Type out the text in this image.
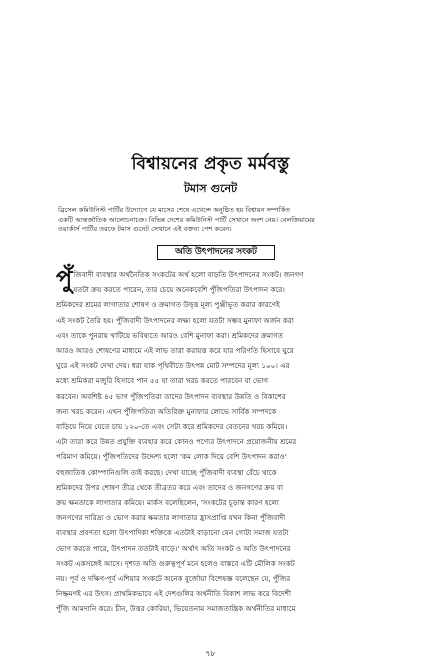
বিশ্বায়নের প্রকৃত মর্মবস্তু
টমাস গুনেট
ব্রিসেল কমিউনিস্ট পার্টির উদ্যোগে যে মাসের শেষে এথেন্সে অনুষ্ঠিত হয় বিশ্বায়ন সম্পর্কিত
একটি আন্তর্জাতিক আলোচনাচক্র। বিভিন্ন দেশের কমিউনিস্ট পার্টি সেখানে অংশ নেয়। বেলজিয়ামের
ওয়ার্কার্স পার্টির তরফে টমাস গুনেট সেখানে এই বক্তব্য পেশ করেন।
অতি উৎপাদনের সংকট
পুঁ জিবাদী ব্যবস্থার অর্থনৈতিক সংকটের অর্থ হলো বাড়তি উৎপাদনের সংকট। জনগণ
যতটা ক্রয় করতে পারেন, তার চেয়ে অনেকবেশি পুঁজিপতিরা উৎপাদন করে।
শ্রমিকদের শ্রমের লাগাতার শোষণ ও ক্রমাগত উদ্বৃত্ত মূল্য পুঞ্জীভূত করার কারণেই
এই সংকট তৈরি হয়। পুঁজিবাদী উৎপাদনের লক্ষ্য হলো যতটা সম্ভব মুনাফা অর্জন করা
এবং তাকে পুনরায় খাটিয়ে ভবিষ্যতে আরও বেশি মুনাফা করা। শ্রমিকদের ক্রমাগত
আরও আরও শোষণের মাধ্যমে এই লাভ তারা করায়ত্ত করে যার পরিণতি হিসাবে ঘুরে
ঘুরে এই সংকট দেখা দেয়। ধরা যাক পৃথিবীতে উৎপন্ন মোট সম্পদের মূল্য ১০০। এর
মধ্যে শ্রমিকরা মজুরি হিসাবে পান ৫৫ যা তারা খরচ করতে পারবেন বা ভোগ
করবেন। অবশিষ্ট ৪৫ ভাগ পুঁজিপতিরা তাদের উৎপাদন ব্যবস্থার উন্নতি ও বিকাশের
জন্য খরচ করেন। এখন পুঁজিপতিরা অতিরিক্ত মুনাফার লোভে সার্বিক সম্পদকে
বাড়িয়ে নিয়ে যেতে চায় ১২০-তে এবং সেটা করে শ্রমিকদের বেতনের খরচ কমিয়ে।
এটা তারা করে উন্নত প্রযুক্তি ব্যবহার করে কোনও পণ্যের উৎপাদনে প্রয়োজনীয় শ্রমের
পরিমাণ কমিয়ে। পুঁজিপতিদের উদ্দেশ্য হলো 'কম লোক দিয়ে বেশি উৎপাদন করাও'
বহুজাতিক কোম্পানিগুলি তাই করছে। দেখা যাচ্ছে পুঁজিবাদী ব্যবস্থা বেঁচে থাকে
শ্রমিকদের উপর শোষণ তীব্র থেকে তীব্রতর করে এবং তাদের ও জনগণের ক্রয় বা
ক্রয় ক্ষমতাকে লাগাতার কমিয়ে। মার্কস বলেছিলেন, 'সংকটের চূড়ান্ত কারণ হলো
জনগণের দারিদ্র্য ও ভোগ করার ক্ষমতার লাগাতার হ্রাসপ্রাপ্তি যখন কিনা পুঁজিবাদী
ব্যবস্থার প্রবণতা হলো উৎপাদিকা শক্তিকে এতটাই বাড়ানো যেন গোটা সমাজ যতটা
ভোগ করতে পারে, উৎপাদন ততটাই বাড়ে।' অর্থাৎ অতি সংকট ও অতি উৎপাদনের
সংকট একসঙ্গেই আসে। দৃশ্যত অতি গুরুত্বপূর্ণ মনে হলেও বাস্তবে এটি মৌলিক সংকট
নয়। পূর্ব ও দক্ষিণ-পূর্ব এশিয়ার সংকটে অনেক বুর্জোয়া বিশেষজ্ঞ বলেছেন যে, পুঁজির
নিষ্ক্রমণই এর উৎস। প্রাথমিকভাবে এই দেশগুলির অর্থনীতি বিকাশ লাভ করে বিদেশী
পুঁজি আমদানি করে। চীন, উত্তর কোরিয়া, ভিয়েতনাম সমাজতান্ত্রিক অর্থনীতির মাধ্যমে
৭৮
